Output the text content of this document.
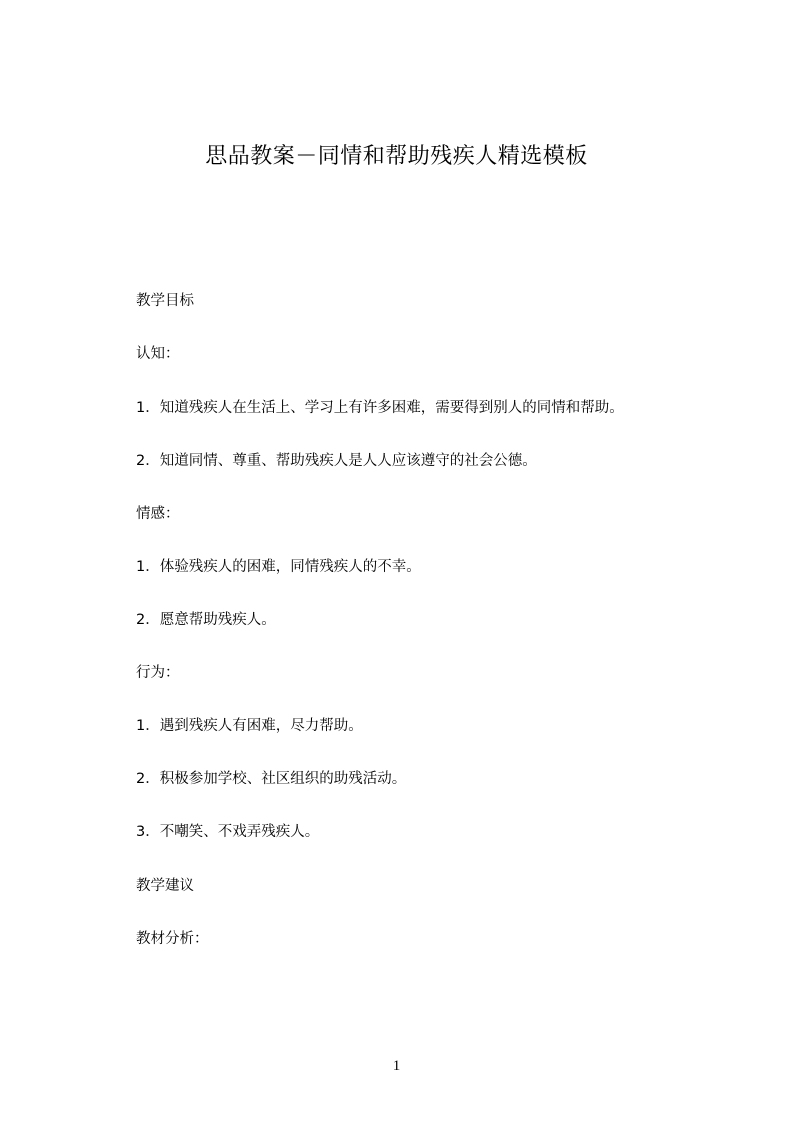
思品教案－同情和帮助残疾人精选模板
教学目标
认知：
1．知道残疾人在生活上、学习上有许多困难，需要得到别人的同情和帮助。
2．知道同情、尊重、帮助残疾人是人人应该遵守的社会公德。
情感：
1．体验残疾人的困难，同情残疾人的不幸。
2．愿意帮助残疾人。
行为：
1．遇到残疾人有困难，尽力帮助。
2．积极参加学校、社区组织的助残活动。
3．不嘲笑、不戏弄残疾人。
教学建议
教材分析：
1
